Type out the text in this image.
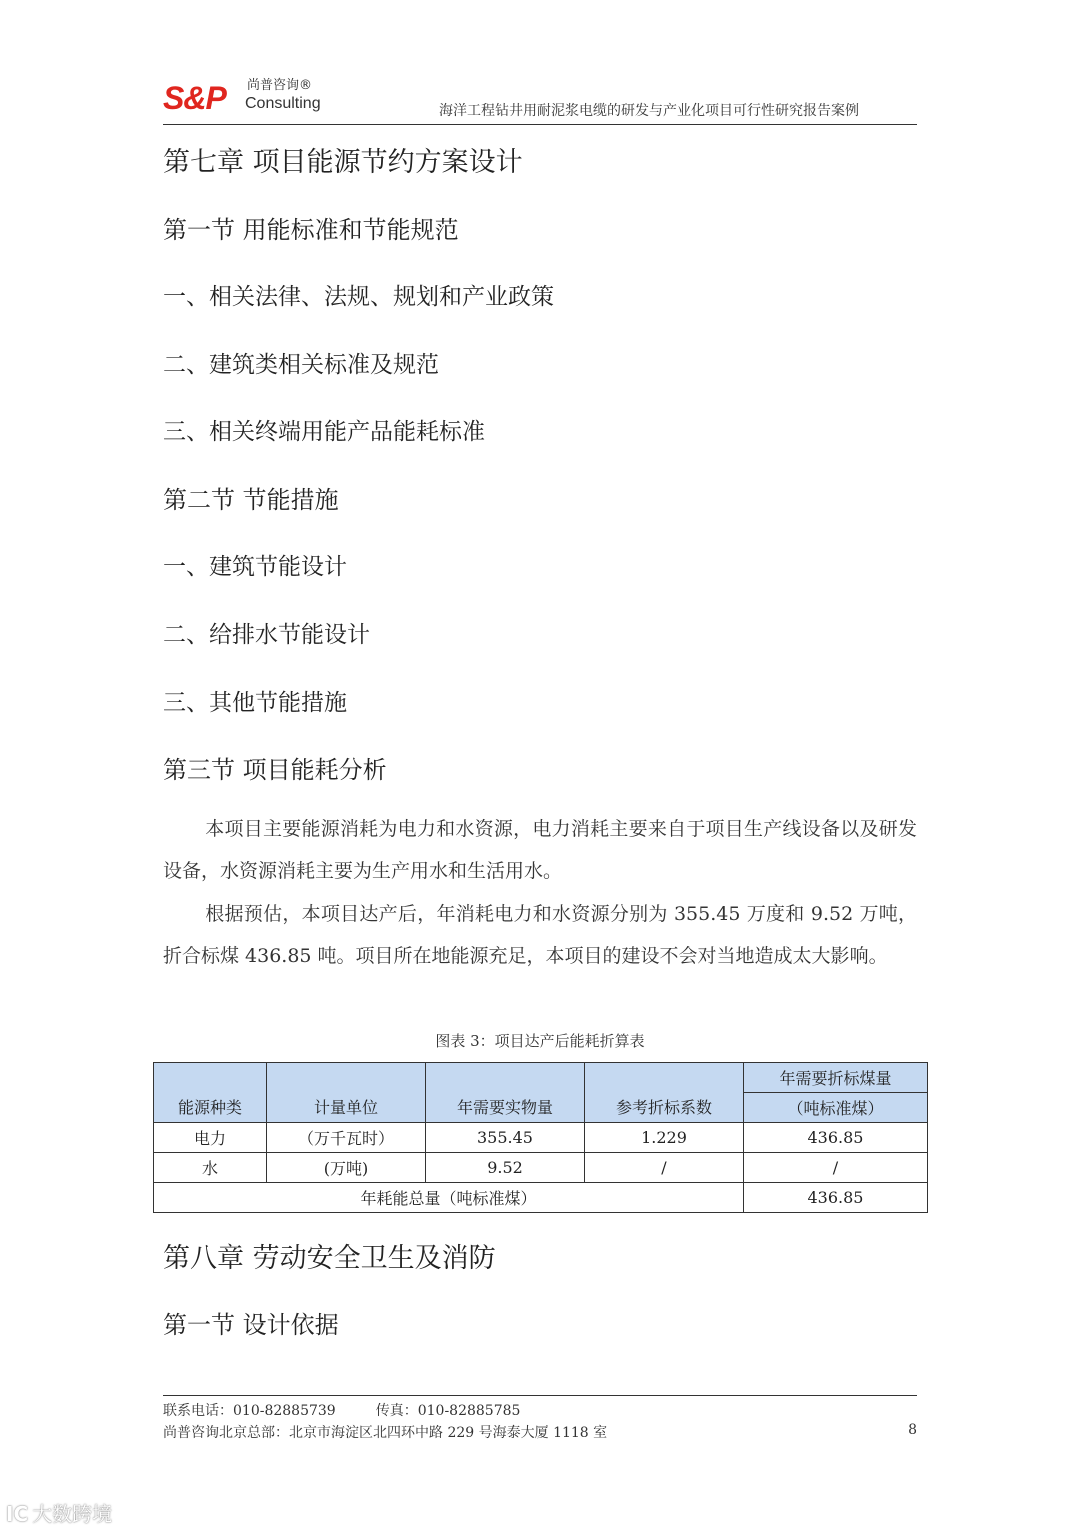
S&P 尚普咨询®
Consulting	海洋工程钻井用耐泥浆电缆的研发与产业化项目可行性研究报告案例
第七章 项目能源节约方案设计
第一节 用能标准和节能规范
一、相关法律、法规、规划和产业政策
二、建筑类相关标准及规范
三、相关终端用能产品能耗标准
第二节 节能措施
一、建筑节能设计
二、给排水节能设计
三、其他节能措施
第三节 项目能耗分析

本项目主要能源消耗为电力和水资源，电力消耗主要来自于项目生产线设备以及研发设备，水资源消耗主要为生产用水和生活用水。

根据预估，本项目达产后，年消耗电力和水资源分别为 355.45 万度和 9.52 万吨，折合标煤 436.85 吨。项目所在地能源充足，本项目的建设不会对当地造成太大影响。

图表 3：项目达产后能耗折算表
能源种类	计量单位	年需要实物量	参考折标系数	年需要折标煤量
				（吨标准煤）
电力	（万千瓦时）	355.45	1.229	436.85
水	(万吨)	9.52	/	/
年耗能总量（吨标准煤）				436.85
第八章 劳动安全卫生及消防
第一节 设计依据
联系电话：010-82885739	传真：010-82885785
尚普咨询北京总部：北京市海淀区北四环中路 229 号海泰大厦 1118 室	8
IC 大数跨境
